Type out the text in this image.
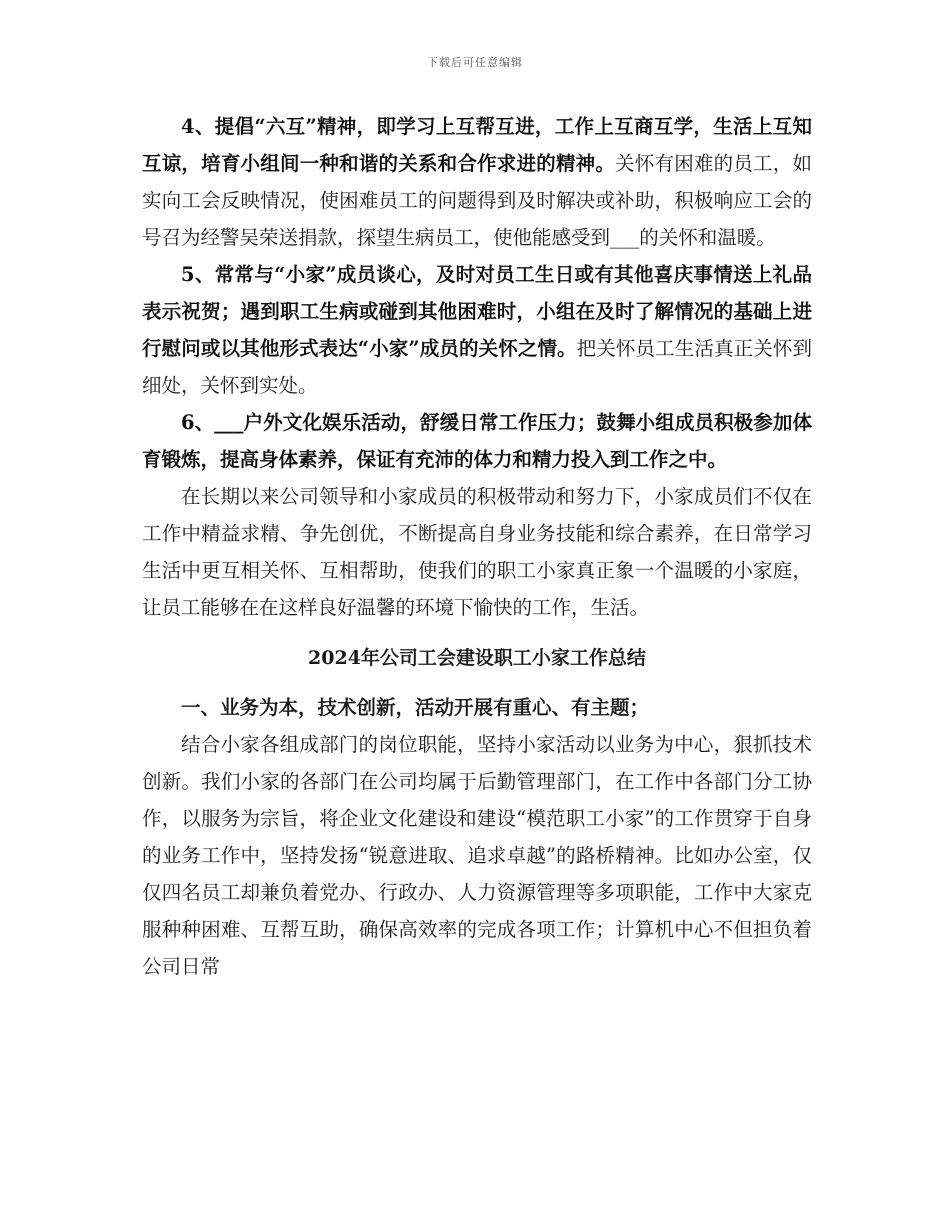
下载后可任意编辑

4、提倡“六互”精神，即学习上互帮互进，工作上互商互学，生活上互知互谅，培育小组间一种和谐的关系和合作求进的精神。关怀有困难的员工，如实向工会反映情况，使困难员工的问题得到及时解决或补助，积极响应工会的号召为经警吴荣送捐款，探望生病员工，使他能感受到___的关怀和温暖。

5、常常与“小家”成员谈心，及时对员工生日或有其他喜庆事情送上礼品表示祝贺；遇到职工生病或碰到其他困难时，小组在及时了解情况的基础上进行慰问或以其他形式表达“小家”成员的关怀之情。把关怀员工生活真正关怀到细处，关怀到实处。

6、___户外文化娱乐活动，舒缓日常工作压力；鼓舞小组成员积极参加体育锻炼，提高身体素养，保证有充沛的体力和精力投入到工作之中。

在长期以来公司领导和小家成员的积极带动和努力下，小家成员们不仅在工作中精益求精、争先创优，不断提高自身业务技能和综合素养，在日常学习生活中更互相关怀、互相帮助，使我们的职工小家真正象一个温暖的小家庭，让员工能够在在这样良好温馨的环境下愉快的工作，生活。

2024年公司工会建设职工小家工作总结

一、业务为本，技术创新，活动开展有重心、有主题；

结合小家各组成部门的岗位职能，坚持小家活动以业务为中心，狠抓技术创新。我们小家的各部门在公司均属于后勤管理部门，在工作中各部门分工协作，以服务为宗旨，将企业文化建设和建设“模范职工小家”的工作贯穿于自身的业务工作中，坚持发扬“锐意进取、追求卓越”的路桥精神。比如办公室，仅仅四名员工却兼负着党办、行政办、人力资源管理等多项职能，工作中大家克服种种困难、互帮互助，确保高效率的完成各项工作；计算机中心不但担负着公司日常
